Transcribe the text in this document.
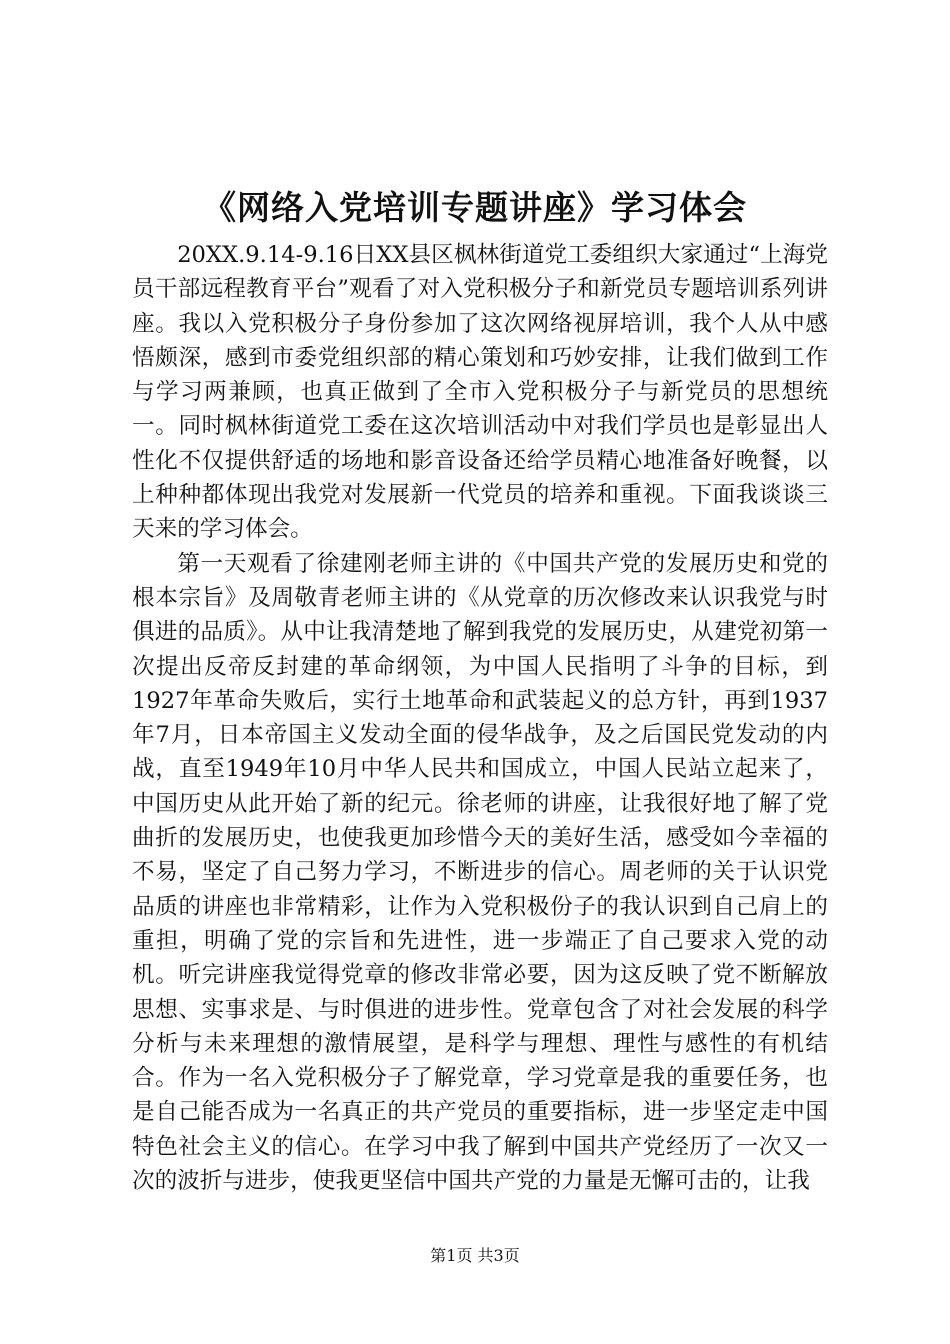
《网络入党培训专题讲座》学习体会

20XX.9.14-9.16日XX县区枫林街道党工委组织大家通过“上海党员干部远程教育平台”观看了对入党积极分子和新党员专题培训系列讲座。我以入党积极分子身份参加了这次网络视屏培训，我个人从中感悟颇深，感到市委党组织部的精心策划和巧妙安排，让我们做到工作与学习两兼顾，也真正做到了全市入党积极分子与新党员的思想统一。同时枫林街道党工委在这次培训活动中对我们学员也是彰显出人性化不仅提供舒适的场地和影音设备还给学员精心地准备好晚餐，以上种种都体现出我党对发展新一代党员的培养和重视。下面我谈谈三天来的学习体会。

第一天观看了徐建刚老师主讲的《中国共产党的发展历史和党的根本宗旨》及周敬青老师主讲的《从党章的历次修改来认识我党与时俱进的品质》。从中让我清楚地了解到我党的发展历史，从建党初第一次提出反帝反封建的革命纲领，为中国人民指明了斗争的目标，到1927年革命失败后，实行土地革命和武装起义的总方针，再到1937年7月，日本帝国主义发动全面的侵华战争，及之后国民党发动的内战，直至1949年10月中华人民共和国成立，中国人民站立起来了，中国历史从此开始了新的纪元。徐老师的讲座，让我很好地了解了党曲折的发展历史，也使我更加珍惜今天的美好生活，感受如今幸福的不易，坚定了自己努力学习，不断进步的信心。周老师的关于认识党品质的讲座也非常精彩，让作为入党积极份子的我认识到自己肩上的重担，明确了党的宗旨和先进性，进一步端正了自己要求入党的动机。听完讲座我觉得党章的修改非常必要，因为这反映了党不断解放思想、实事求是、与时俱进的进步性。党章包含了对社会发展的科学分析与未来理想的激情展望，是科学与理想、理性与感性的有机结合。作为一名入党积极分子了解党章，学习党章是我的重要任务，也是自己能否成为一名真正的共产党员的重要指标，进一步坚定走中国特色社会主义的信心。在学习中我了解到中国共产党经历了一次又一次的波折与进步，使我更坚信中国共产党的力量是无懈可击的，让我

第1页 共3页
